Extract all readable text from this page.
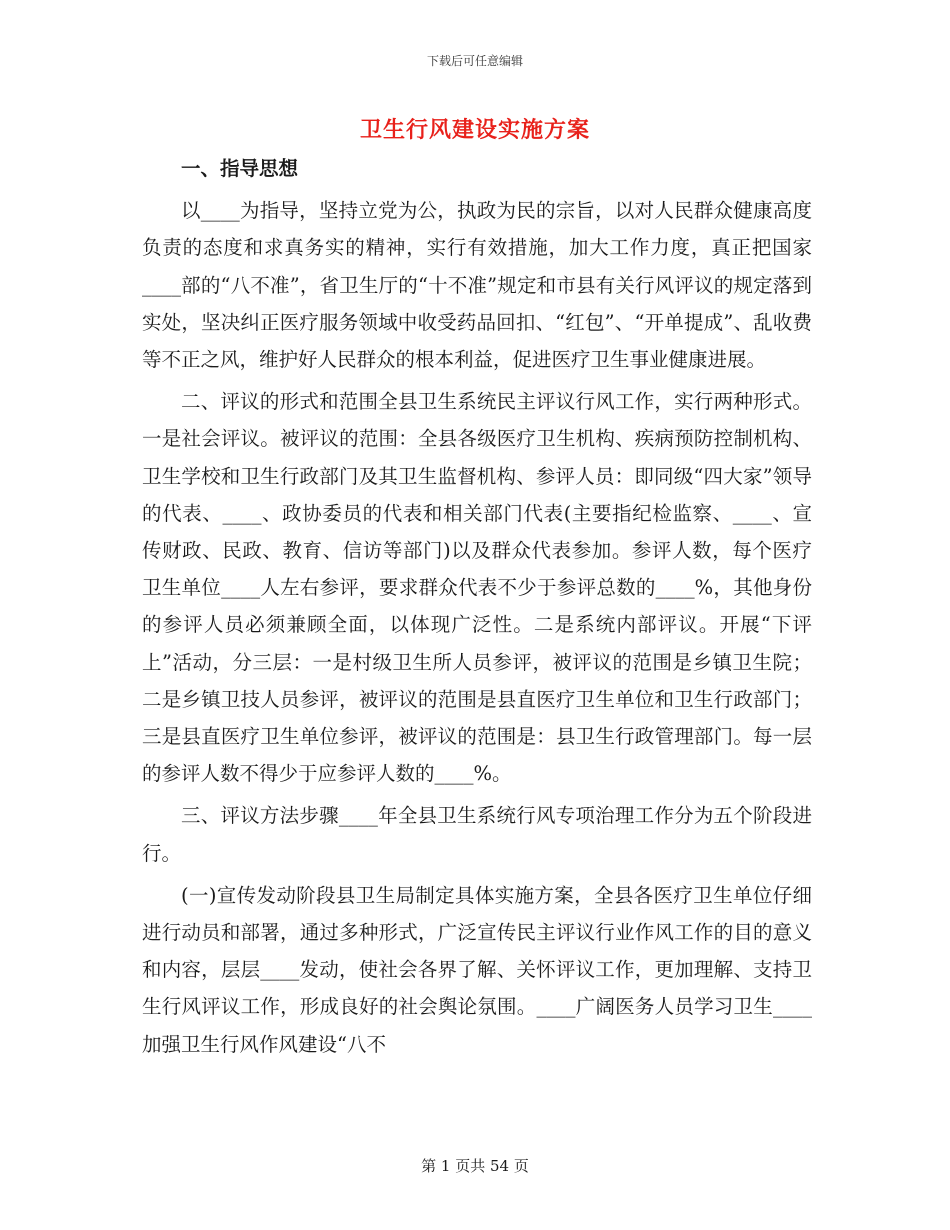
下载后可任意编辑
卫生行风建设实施方案

一、指导思想

以____为指导，坚持立党为公，执政为民的宗旨，以对人民群众健康高度负责的态度和求真务实的精神，实行有效措施，加大工作力度，真正把国家____部的“八不准”，省卫生厅的“十不准”规定和市县有关行风评议的规定落到实处，坚决纠正医疗服务领域中收受药品回扣、“红包”、“开单提成”、乱收费等不正之风，维护好人民群众的根本利益，促进医疗卫生事业健康进展。

二、评议的形式和范围全县卫生系统民主评议行风工作，实行两种形式。一是社会评议。被评议的范围：全县各级医疗卫生机构、疾病预防控制机构、卫生学校和卫生行政部门及其卫生监督机构、参评人员：即同级“四大家”领导的代表、____、政协委员的代表和相关部门代表(主要指纪检监察、____、宣传财政、民政、教育、信访等部门)以及群众代表参加。参评人数，每个医疗卫生单位____人左右参评，要求群众代表不少于参评总数的____%，其他身份的参评人员必须兼顾全面，以体现广泛性。二是系统内部评议。开展“下评上”活动，分三层：一是村级卫生所人员参评，被评议的范围是乡镇卫生院；二是乡镇卫技人员参评，被评议的范围是县直医疗卫生单位和卫生行政部门；三是县直医疗卫生单位参评，被评议的范围是：县卫生行政管理部门。每一层的参评人数不得少于应参评人数的____%。

三、评议方法步骤____年全县卫生系统行风专项治理工作分为五个阶段进行。

(一)宣传发动阶段县卫生局制定具体实施方案，全县各医疗卫生单位仔细进行动员和部署，通过多种形式，广泛宣传民主评议行业作风工作的目的意义和内容，层层____发动，使社会各界了解、关怀评议工作，更加理解、支持卫生行风评议工作，形成良好的社会舆论氛围。____广阔医务人员学习卫生____加强卫生行风作风建设“八不

第 1 页共 54 页
